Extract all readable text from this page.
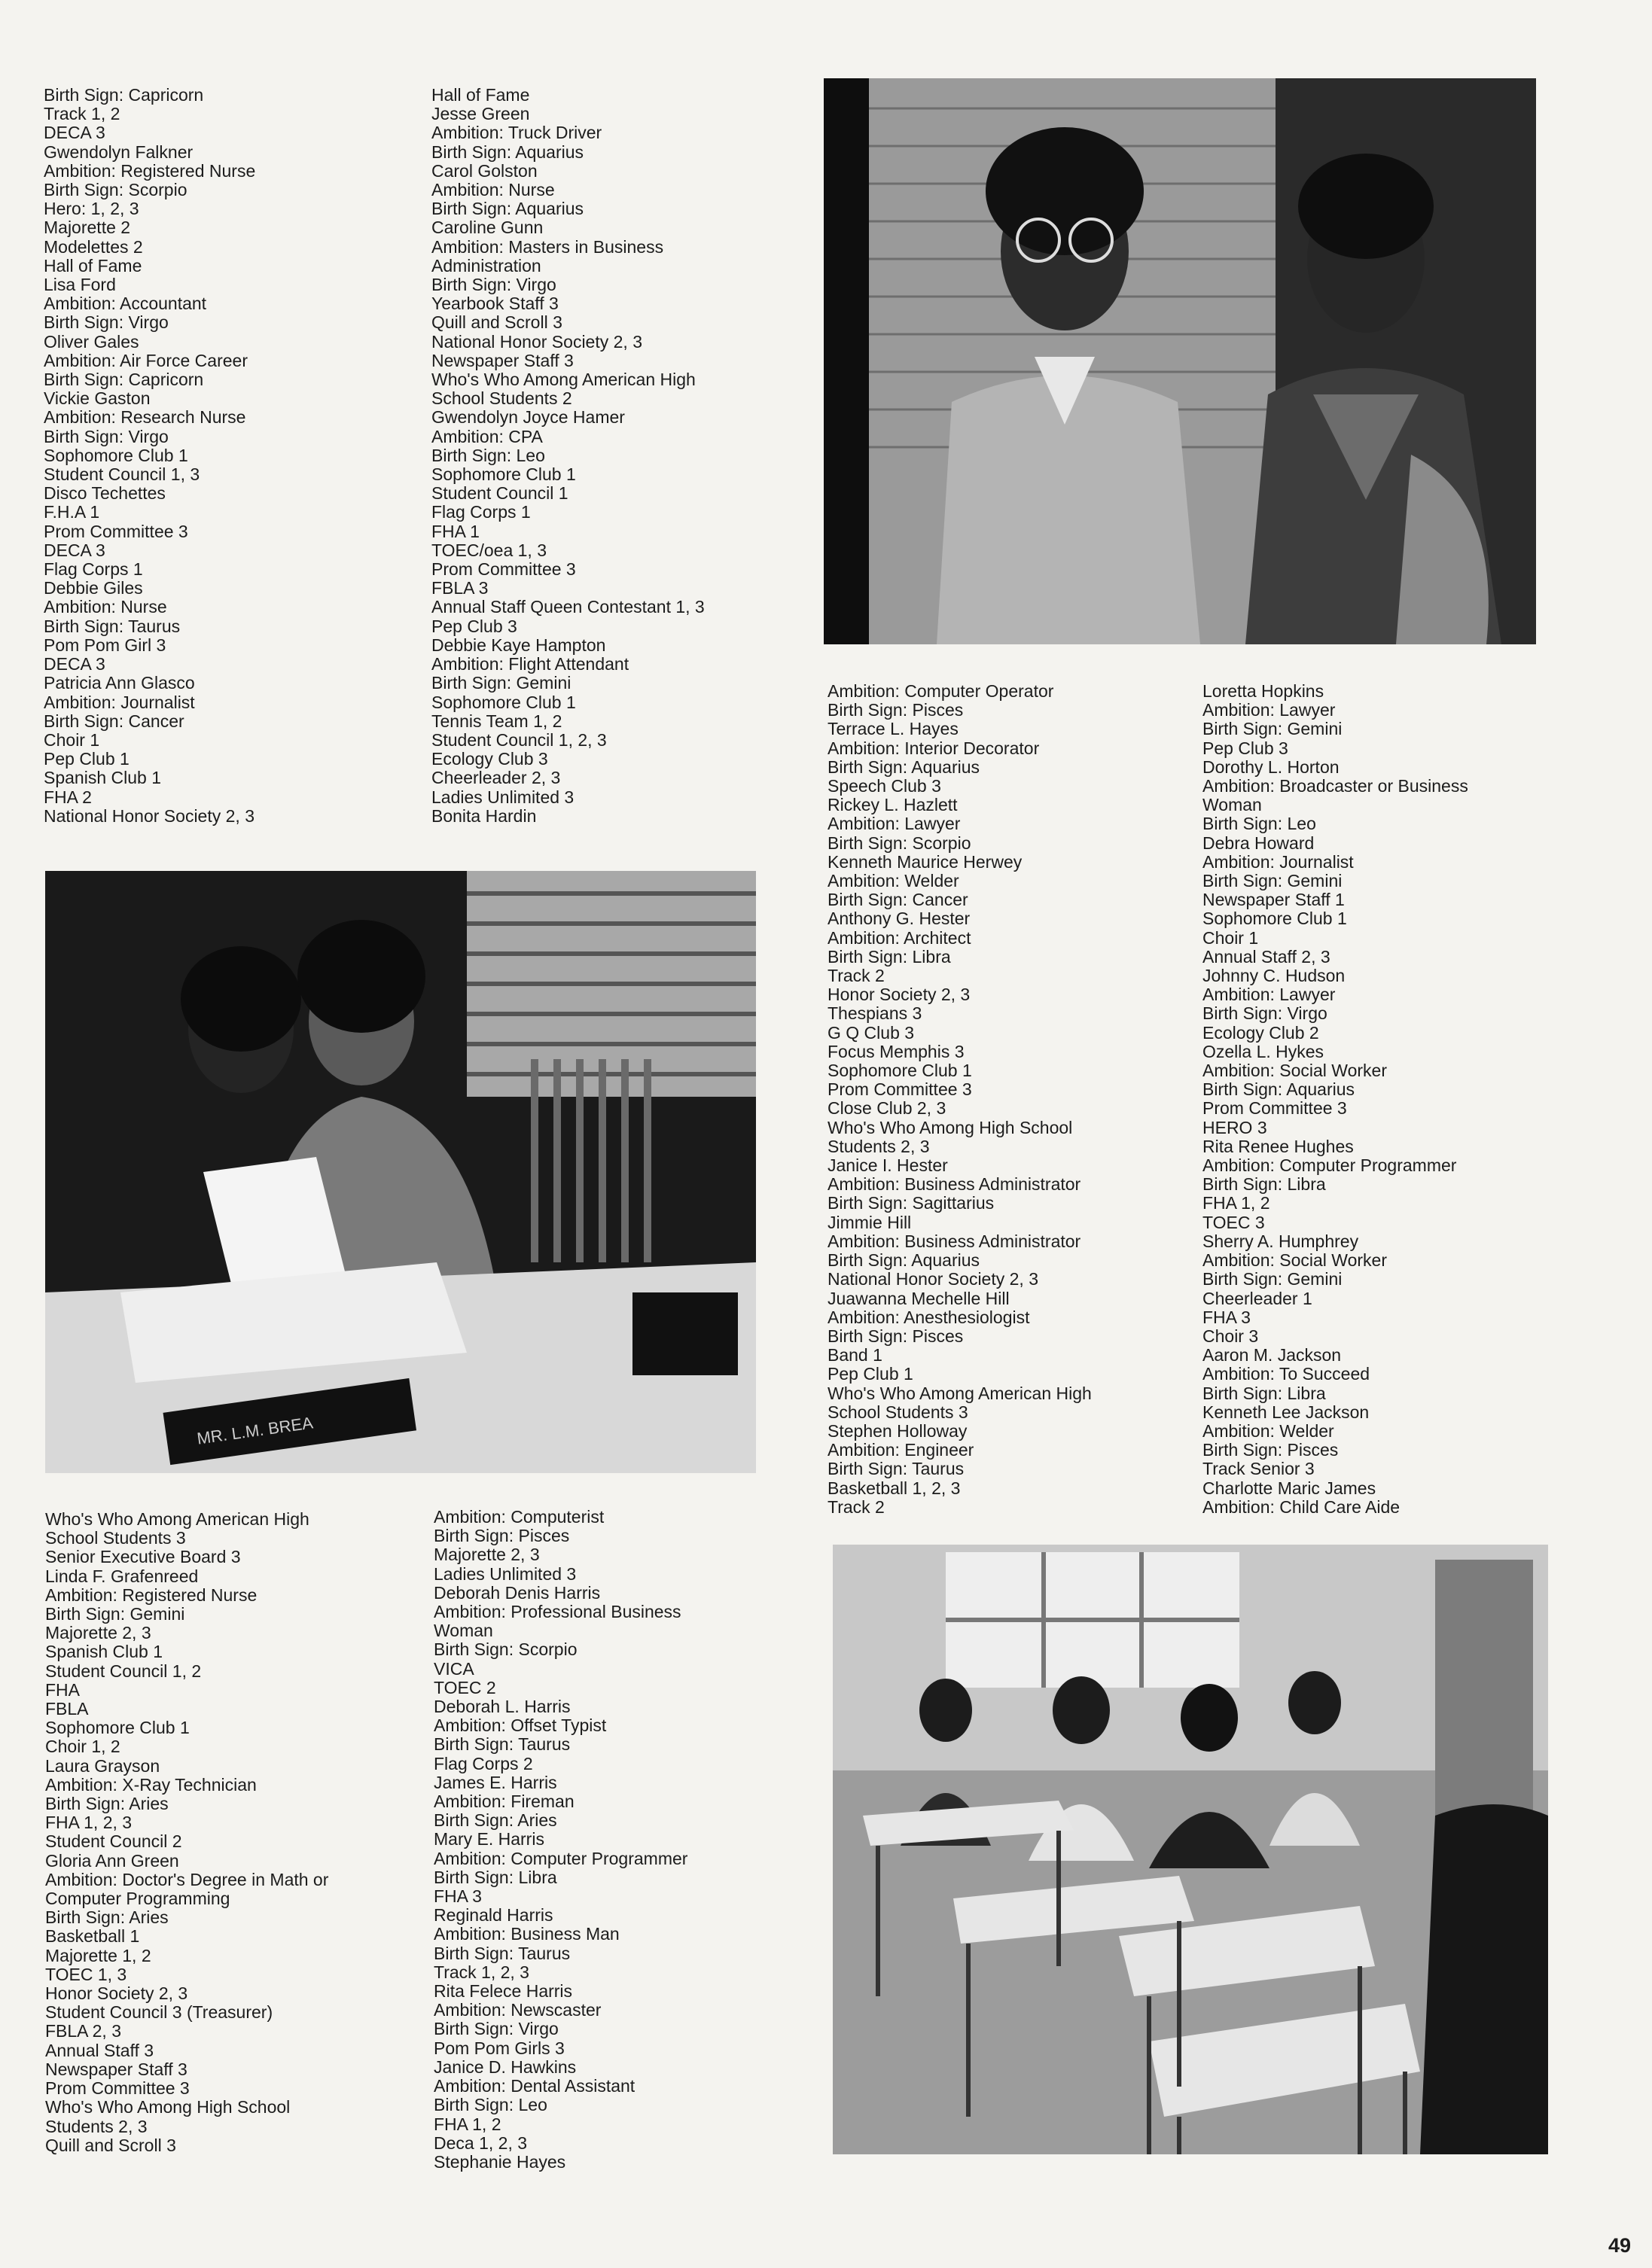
Birth Sign: Capricorn
Track 1, 2
DECA 3
Gwendolyn Falkner
Ambition: Registered Nurse
Birth Sign: Scorpio
Hero: 1, 2, 3
Majorette 2
Modelettes 2
Hall of Fame
Lisa Ford
Ambition: Accountant
Birth Sign: Virgo
Oliver Gales
Ambition: Air Force Career
Birth Sign: Capricorn
Vickie Gaston
Ambition: Research Nurse
Birth Sign: Virgo
Sophomore Club 1
Student Council 1, 3
Disco Techettes
F.H.A 1
Prom Committee 3
DECA 3
Flag Corps 1
Debbie Giles
Ambition: Nurse
Birth Sign: Taurus
Pom Pom Girl 3
DECA 3
Patricia Ann Glasco
Ambition: Journalist
Birth Sign: Cancer
Choir 1
Pep Club 1
Spanish Club 1
FHA 2
National Honor Society 2, 3
Hall of Fame
Jesse Green
Ambition: Truck Driver
Birth Sign: Aquarius
Carol Golston
Ambition: Nurse
Birth Sign: Aquarius
Caroline Gunn
Ambition: Masters in Business
Administration
Birth Sign: Virgo
Yearbook Staff 3
Quill and Scroll 3
National Honor Society 2, 3
Newspaper Staff 3
Who's Who Among American High
School Students 2
Gwendolyn Joyce Hamer
Ambition: CPA
Birth Sign: Leo
Sophomore Club 1
Student Council 1
Flag Corps 1
FHA 1
TOEC/oea 1, 3
Prom Committee 3
FBLA 3
Annual Staff Queen Contestant 1, 3
Pep Club 3
Debbie Kaye Hampton
Ambition: Flight Attendant
Birth Sign: Gemini
Sophomore Club 1
Tennis Team 1, 2
Student Council 1, 2, 3
Ecology Club 3
Cheerleader 2, 3
Ladies Unlimited 3
Bonita Hardin
Ambition: Computer Operator
Birth Sign: Pisces
Terrace L. Hayes
Ambition: Interior Decorator
Birth Sign: Aquarius
Speech Club 3
Rickey L. Hazlett
Ambition: Lawyer
Birth Sign: Scorpio
Kenneth Maurice Herwey
Ambition: Welder
Birth Sign: Cancer
Anthony G. Hester
Ambition: Architect
Birth Sign: Libra
Track 2
Honor Society 2, 3
Thespians 3
G Q Club 3
Focus Memphis 3
Sophomore Club 1
Prom Committee 3
Close Club 2, 3
Who's Who Among High School
Students 2, 3
Janice I. Hester
Ambition: Business Administrator
Birth Sign: Sagittarius
Jimmie Hill
Ambition: Business Administrator
Birth Sign: Aquarius
National Honor Society 2, 3
Juawanna Mechelle Hill
Ambition: Anesthesiologist
Birth Sign: Pisces
Band 1
Pep Club 1
Who's Who Among American High
School Students 3
Stephen Holloway
Ambition: Engineer
Birth Sign: Taurus
Basketball 1, 2, 3
Track 2
Loretta Hopkins
Ambition: Lawyer
Birth Sign: Gemini
Pep Club 3
Dorothy L. Horton
Ambition: Broadcaster or Business
Woman
Birth Sign: Leo
Debra Howard
Ambition: Journalist
Birth Sign: Gemini
Newspaper Staff 1
Sophomore Club 1
Choir 1
Annual Staff 2, 3
Johnny C. Hudson
Ambition: Lawyer
Birth Sign: Virgo
Ecology Club 2
Ozella L. Hykes
Ambition: Social Worker
Birth Sign: Aquarius
Prom Committee 3
HERO 3
Rita Renee Hughes
Ambition: Computer Programmer
Birth Sign: Libra
FHA 1, 2
TOEC 3
Sherry A. Humphrey
Ambition: Social Worker
Birth Sign: Gemini
Cheerleader 1
FHA 3
Choir 3
Aaron M. Jackson
Ambition: To Succeed
Birth Sign: Libra
Kenneth Lee Jackson
Ambition: Welder
Birth Sign: Pisces
Track Senior 3
Charlotte Maric James
Ambition: Child Care Aide
Who's Who Among American High
School Students 3
Senior Executive Board 3
Linda F. Grafenreed
Ambition: Registered Nurse
Birth Sign: Gemini
Majorette 2, 3
Spanish Club 1
Student Council 1, 2
FHA
FBLA
Sophomore Club 1
Choir 1, 2
Laura Grayson
Ambition: X-Ray Technician
Birth Sign: Aries
FHA 1, 2, 3
Student Council 2
Gloria Ann Green
Ambition: Doctor's Degree in Math or
Computer Programming
Birth Sign: Aries
Basketball 1
Majorette 1, 2
TOEC 1, 3
Honor Society 2, 3
Student Council 3 (Treasurer)
FBLA 2, 3
Annual Staff 3
Newspaper Staff 3
Prom Committee 3
Who's Who Among High School
Students 2, 3
Quill and Scroll 3
Ambition: Computerist
Birth Sign: Pisces
Majorette 2, 3
Ladies Unlimited 3
Deborah Denis Harris
Ambition: Professional Business
Woman
Birth Sign: Scorpio
VICA
TOEC 2
Deborah L. Harris
Ambition: Offset Typist
Birth Sign: Taurus
Flag Corps 2
James E. Harris
Ambition: Fireman
Birth Sign: Aries
Mary E. Harris
Ambition: Computer Programmer
Birth Sign: Libra
FHA 3
Reginald Harris
Ambition: Business Man
Birth Sign: Taurus
Track 1, 2, 3
Rita Felece Harris
Ambition: Newscaster
Birth Sign: Virgo
Pom Pom Girls 3
Janice D. Hawkins
Ambition: Dental Assistant
Birth Sign: Leo
FHA 1, 2
Deca 1, 2, 3
Stephanie Hayes
MR. L.M. BREA
49
